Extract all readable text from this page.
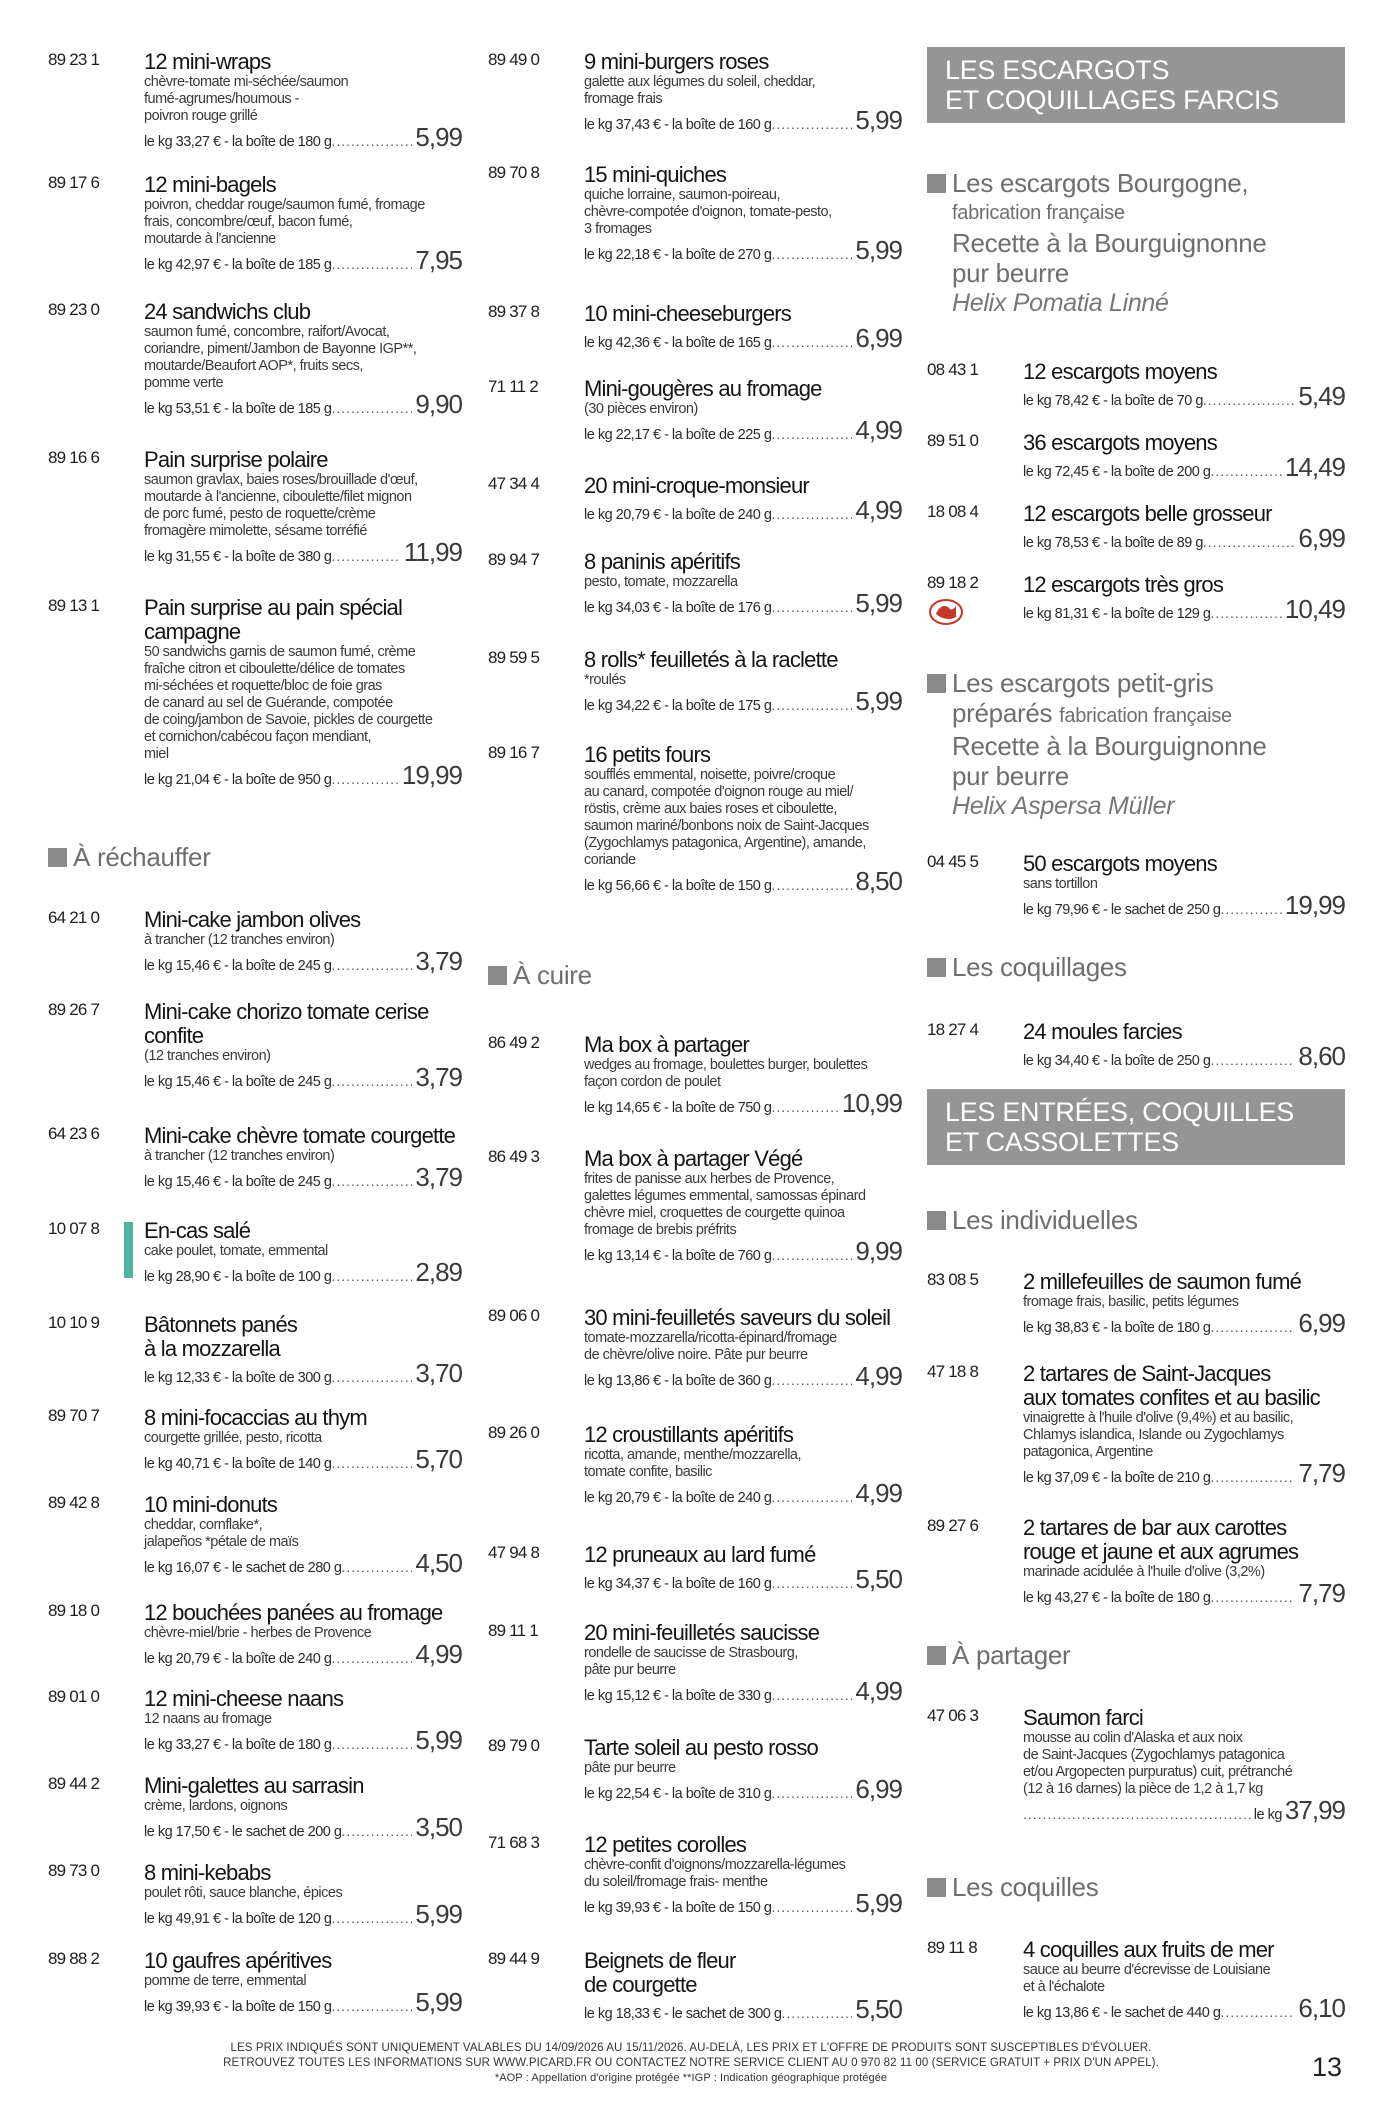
89 23 1 12 mini-wraps

chèvre-tomate mi-séchée/saumon

fumé-agrumes/houmous -

poivron rouge grillé

le kg 33,27 € - la boîte de 180 g .....	5,99
89 17 6 12 mini-bagels

poivron, cheddar rouge/saumon fumé, fromage

frais, concombre/œuf, bacon fumé,

moutarde à l'ancienne

le kg 42,97 € - la boîte de 185 g .....	7,95
89 23 0 24 sandwichs club

saumon fumé, concombre, raifort/Avocat,

coriandre, piment/Jambon de Bayonne IGP**,

moutarde/Beaufort AOP*, fruits secs,

pomme verte

le kg 53,51 € - la boîte de 185 g .....	9,90
89 16 6 Pain surprise polaire

saumon gravlax, baies roses/brouillade d'œuf,

moutarde à l'ancienne, ciboulette/filet mignon

de porc fumé, pesto de roquette/crème

fromagère mimolette, sésame torréfié

le kg 31,55 € - la boîte de 380 g .....	11,99
89 13 1 Pain surprise au pain spécial
campagne

50 sandwichs garnis de saumon fumé, crème

fraîche citron et ciboulette/délice de tomates

mi-séchées et roquette/bloc de foie gras

de canard au sel de Guérande, compotée

de coing/jambon de Savoie, pickles de courgette

et cornichon/cabécou façon mendiant,

miel

le kg 21,04 € - la boîte de 950 g .....	19,99
À réchauffer
64 21 0 Mini-cake jambon olives

à trancher (12 tranches environ)

le kg 15,46 € - la boîte de 245 g .....	3,79
89 26 7 Mini-cake chorizo tomate cerise
confite

(12 tranches environ)

le kg 15,46 € - la boîte de 245 g .....	3,79
64 23 6 Mini-cake chèvre tomate courgette

à trancher (12 tranches environ)

le kg 15,46 € - la boîte de 245 g .....	3,79
10 07 8 En-cas salé

cake poulet, tomate, emmental

le kg 28,90 € - la boîte de 100 g .....	2,89
10 10 9 Bâtonnets panés
à la mozzarella
le kg 12,33 € - la boîte de 300 g .....	3,70
89 70 7 8 mini-focaccias au thym

courgette grillée, pesto, ricotta

le kg 40,71 € - la boîte de 140 g .....	5,70
89 42 8 10 mini-donuts

cheddar, cornflake*,

jalapeños *pétale de maïs

le kg 16,07 € - le sachet de 280 g .....	4,50
89 18 0 12 bouchées panées au fromage

chèvre-miel/brie - herbes de Provence

le kg 20,79 € - la boîte de 240 g .....	4,99
89 01 0 12 mini-cheese naans

12 naans au fromage

le kg 33,27 € - la boîte de 180 g .....	5,99
89 44 2 Mini-galettes au sarrasin

crème, lardons, oignons

le kg 17,50 € - le sachet de 200 g .....	3,50
89 73 0 8 mini-kebabs

poulet rôti, sauce blanche, épices

le kg 49,91 € - la boîte de 120 g .....	5,99
89 88 2 10 gaufres apéritives

pomme de terre, emmental

le kg 39,93 € - la boîte de 150 g .....	5,99
89 49 0 9 mini-burgers roses

galette aux légumes du soleil, cheddar,

fromage frais

le kg 37,43 € - la boîte de 160 g .....	5,99
89 70 8 15 mini-quiches

quiche lorraine, saumon-poireau,

chèvre-compotée d'oignon, tomate-pesto,

3 fromages

le kg 22,18 € - la boîte de 270 g .....	5,99
89 37 8 10 mini-cheeseburgers
le kg 42,36 € - la boîte de 165 g .....	6,99
71 11 2 Mini-gougères au fromage

(30 pièces environ)

le kg 22,17 € - la boîte de 225 g .....	4,99
47 34 4 20 mini-croque-monsieur
le kg 20,79 € - la boîte de 240 g .....	4,99
89 94 7 8 paninis apéritifs

pesto, tomate, mozzarella

le kg 34,03 € - la boîte de 176 g .....	5,99
89 59 5 8 rolls* feuilletés à la raclette

*roulés

le kg 34,22 € - la boîte de 175 g .....	5,99
89 16 7 16 petits fours

soufflés emmental, noisette, poivre/croque

au canard, compotée d'oignon rouge au miel/

röstis, crème aux baies roses et ciboulette,

saumon mariné/bonbons noix de Saint-Jacques

(Zygochlamys patagonica, Argentine), amande,

coriande

le kg 56,66 € - la boîte de 150 g .....	8,50
À cuire
86 49 2 Ma box à partager

wedges au fromage, boulettes burger, boulettes

façon cordon de poulet

le kg 14,65 € - la boîte de 750 g .....	10,99
86 49 3 Ma box à partager Végé

frites de panisse aux herbes de Provence,

galettes légumes emmental, samossas épinard

chèvre miel, croquettes de courgette quinoa

fromage de brebis préfrits

le kg 13,14 € - la boîte de 760 g .....	9,99
89 06 0 30 mini-feuilletés saveurs du soleil

tomate-mozzarella/ricotta-épinard/fromage

de chèvre/olive noire. Pâte pur beurre

le kg 13,86 € - la boîte de 360 g .....	4,99
89 26 0 12 croustillants apéritifs

ricotta, amande, menthe/mozzarella,

tomate confite, basilic

le kg 20,79 € - la boîte de 240 g .....	4,99
47 94 8 12 pruneaux au lard fumé
le kg 34,37 € - la boîte de 160 g .....	5,50
89 11 1 20 mini-feuilletés saucisse

rondelle de saucisse de Strasbourg,

pâte pur beurre

le kg 15,12 € - la boîte de 330 g .....	4,99
89 79 0 Tarte soleil au pesto rosso

pâte pur beurre

le kg 22,54 € - la boîte de 310 g .....	6,99
71 68 3 12 petites corolles

chèvre-confit d'oignons/mozzarella-légumes

du soleil/fromage frais- menthe

le kg 39,93 € - la boîte de 150 g .....	5,99
89 44 9 Beignets de fleur
de courgette
le kg 18,33 € - le sachet de 300 g .....	5,50
LES ESCARGOTS
ET COQUILLAGES FARCIS
Les escargots Bourgogne,
fabrication française
Recette à la Bourguignonne
pur beurre
Helix Pomatia Linné
08 43 1 12 escargots moyens
le kg 78,42 € - la boîte de 70 g .....	5,49
89 51 0 36 escargots moyens
le kg 72,45 € - la boîte de 200 g .....	14,49
18 08 4 12 escargots belle grosseur
le kg 78,53 € - la boîte de 89 g .....	6,99
89 18 2 12 escargots très gros
le kg 81,31 € - la boîte de 129 g .....	10,49
Les escargots petit-gris
préparés fabrication française
Recette à la Bourguignonne
pur beurre
Helix Aspersa Müller
04 45 5 50 escargots moyens

sans tortillon

le kg 79,96 € - le sachet de 250 g ..... 19,99
Les coquillages
18 27 4 24 moules farcies
le kg 34,40 € - la boîte de 250 g .....	8,60
LES ENTRÉES, COQUILLES
ET CASSOLETTES
Les individuelles
83 08 5 2 millefeuilles de saumon fumé

fromage frais, basilic, petits légumes

le kg 38,83 € - la boîte de 180 g .....	6,99
47 18 8 2 tartares de Saint-Jacques
aux tomates confites et au basilic

vinaigrette à l'huile d'olive (9,4%) et au basilic,

Chlamys islandica, Islande ou Zygochlamys

patagonica, Argentine

le kg 37,09 € - la boîte de 210 g .....	7,79
89 27 6 2 tartares de bar aux carottes
rouge et jaune et aux agrumes

marinade acidulée à l'huile d'olive (3,2%)

le kg 43,27 € - la boîte de 180 g .....	7,79
À partager
47 06 3 Saumon farci

mousse au colin d'Alaska et aux noix

de Saint-Jacques (Zygochlamys patagonica

et/ou Argopecten purpuratus) cuit, prétranché

(12 à 16 darnes) la pièce de 1,2 à 1,7 kg

.....
le kg 37,99
Les coquilles
89 11 8 4 coquilles aux fruits de mer

sauce au beurre d'écrevisse de Louisiane

et à l'échalote

le kg 13,86 € - le sachet de 440 g .....	6,10
LES PRIX INDIQUÉS SONT UNIQUEMENT VALABLES DU 14/09/2026 AU 15/11/2026. AU-DELÀ, LES PRIX ET L'OFFRE DE PRODUITS SONT SUSCEPTIBLES D'ÉVOLUER.
RETROUVEZ TOUTES LES INFORMATIONS SUR WWW.PICARD.FR OU CONTACTEZ NOTRE SERVICE CLIENT AU 0 970 82 11 00 (SERVICE GRATUIT + PRIX D'UN APPEL).
*AOP : Appellation d'origine protégée **IGP : Indication géographique protégée	13
